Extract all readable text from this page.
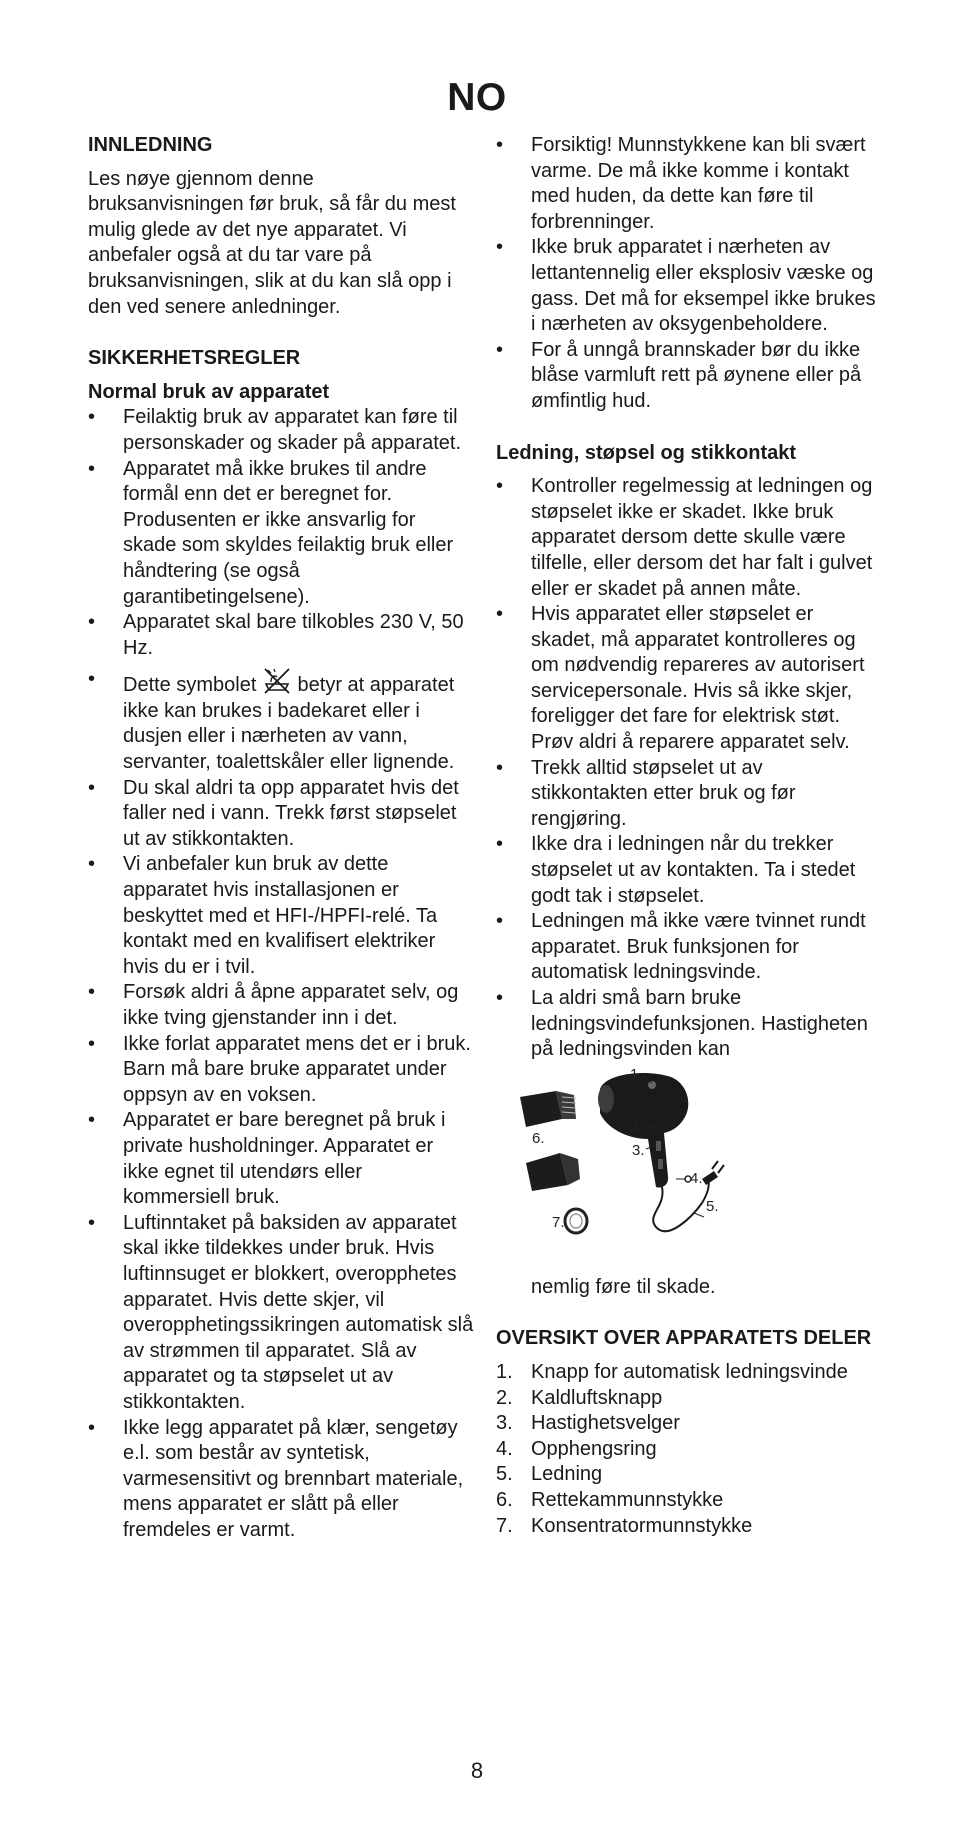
NO
INNLEDNING

Les nøye gjennom denne bruksanvisningen før bruk, så får du mest mulig glede av det nye apparatet. Vi anbefaler også at du tar vare på bruksanvisningen, slik at du kan slå opp i den ved senere anledninger.

SIKKERHETSREGLER
Normal bruk av apparatet
• Feilaktig bruk av apparatet kan føre til personskader og skader på apparatet.
• Apparatet må ikke brukes til andre formål enn det er beregnet for. Produsenten er ikke ansvarlig for skade som skyldes feilaktig bruk eller håndtering (se også garantibetingelsene).
• Apparatet skal bare tilkobles 230 V, 50 Hz.
• Dette symbolet betyr at apparatet ikke kan brukes i badekaret eller i dusjen eller i nærheten av vann, servanter, toalettskåler eller lignende.
• Du skal aldri ta opp apparatet hvis det faller ned i vann. Trekk først støpselet ut av stikkontakten.
• Vi anbefaler kun bruk av dette apparatet hvis installasjonen er beskyttet med et HFI-/HPFI-relé. Ta kontakt med en kvalifisert elektriker hvis du er i tvil.
• Forsøk aldri å åpne apparatet selv, og ikke tving gjenstander inn i det.
• Ikke forlat apparatet mens det er i bruk. Barn må bare bruke apparatet under oppsyn av en voksen.
• Apparatet er bare beregnet på bruk i private husholdninger. Apparatet er ikke egnet til utendørs eller kommersiell bruk.
• Luftinntaket på baksiden av apparatet skal ikke tildekkes under bruk. Hvis luftinnsuget er blokkert, overopphetes apparatet. Hvis dette skjer, vil overopphetingssikringen automatisk slå av strømmen til apparatet. Slå av apparatet og ta støpselet ut av stikkontakten.
• Ikke legg apparatet på klær, sengetøy e.l. som består av syntetisk, varmesensitivt og brennbart materiale, mens apparatet er slått på eller fremdeles er varmt.
• Forsiktig! Munnstykkene kan bli svært varme. De må ikke komme i kontakt med huden, da dette kan føre til forbrenninger.
• Ikke bruk apparatet i nærheten av lettantennelig eller eksplosiv væske og gass. Det må for eksempel ikke brukes i nærheten av oksygenbeholdere.
• For å unngå brannskader bør du ikke blåse varmluft rett på øynene eller på ømfintlig hud.
Ledning, støpsel og stikkontakt
• Kontroller regelmessig at ledningen og støpselet ikke er skadet. Ikke bruk apparatet dersom dette skulle være tilfelle, eller dersom det har falt i gulvet eller er skadet på annen måte.
• Hvis apparatet eller støpselet er skadet, må apparatet kontrolleres og om nødvendig repareres av autorisert servicepersonale. Hvis så ikke skjer, foreligger det fare for elektrisk støt. Prøv aldri å reparere apparatet selv.
• Trekk alltid støpselet ut av stikkontakten etter bruk og før rengjøring.
• Ikke dra i ledningen når du trekker støpselet ut av kontakten. Ta i stedet godt tak i støpselet.
• Ledningen må ikke være tvinnet rundt apparatet. Bruk funksjonen for automatisk ledningsvinde.
• La aldri små barn bruke ledningsvindefunksjonen. Hastigheten på ledningsvinden kan
1.
2.
3.
4.
5.
6.
7.

nemlig føre til skade.

OVERSIKT OVER APPARATETS DELER
1. Knapp for automatisk ledningsvinde
2. Kaldluftsknapp
3. Hastighetsvelger
4. Opphengsring
5. Ledning
6. Rettekammunnstykke
7. Konsentratormunnstykke
8
